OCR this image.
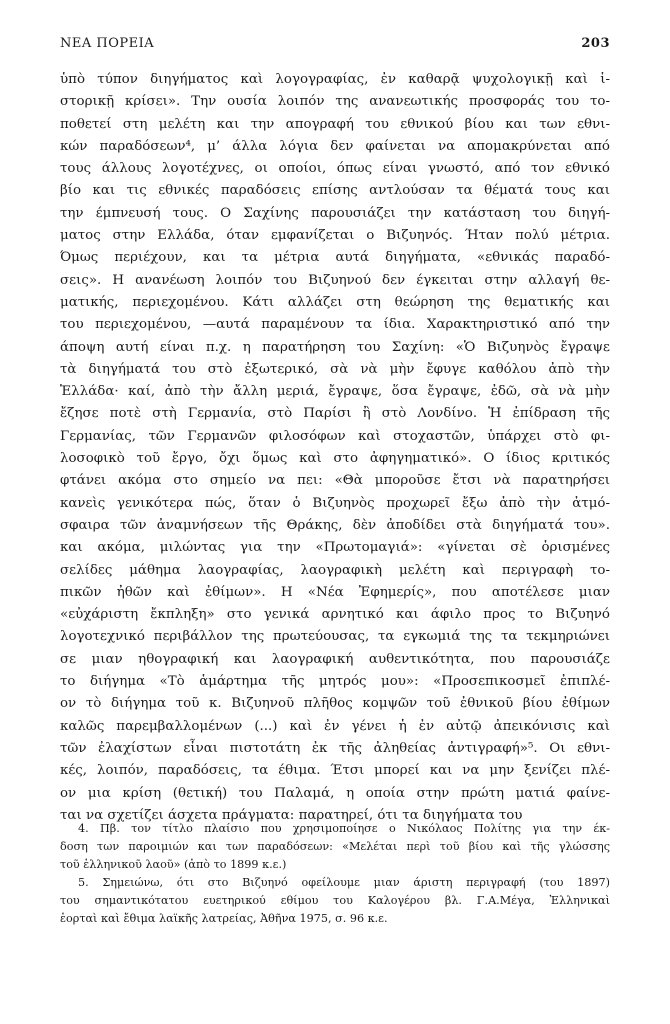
ΝΕΑ ΠΟΡΕΙΑ	203
ὑπὸ τύπον διηγήματος καὶ λογογραφίας, ἐν καθαρᾷ ψυχολογικῇ καὶ ἱ-
στορικῇ κρίσει». Την ουσία λοιπόν της ανανεωτικής προσφοράς του το-
ποθετεί στη μελέτη και την απογραφή του εθνικού βίου και των εθνι-
κών παραδόσεων⁴, μ’ άλλα λόγια δεν φαίνεται να απομακρύνεται από
τους άλλους λογοτέχνες, οι οποίοι, όπως είναι γνωστό, από τον εθνικό
βίο και τις εθνικές παραδόσεις επίσης αντλούσαν τα θέματά τους και
την έμπνευσή τους. Ο Σαχίνης παρουσιάζει την κατάσταση του διηγή-
ματος στην Ελλάδα, όταν εμφανίζεται ο Βιζυηνός. Ήταν πολύ μέτρια.
Όμως περιέχουν, και τα μέτρια αυτά διηγήματα, «εθνικάς παραδό-
σεις». Η ανανέωση λοιπόν του Βιζυηνού δεν έγκειται στην αλλαγή θε-
ματικής, περιεχομένου. Κάτι αλλάζει στη θεώρηση της θεματικής και
του περιεχομένου, —αυτά παραμένουν τα ίδια. Χαρακτηριστικό από την
άποψη αυτή είναι π.χ. η παρατήρηση του Σαχίνη: «Ὁ Βιζυηνὸς ἔγραψε
τὰ διηγήματά του στὸ ἐξωτερικό, σὰ νὰ μὴν ἔφυγε καθόλου ἀπὸ τὴν
Ἑλλάδα· καί, ἀπὸ τὴν ἄλλη μεριά, ἔγραψε, ὅσα ἔγραψε, ἐδῶ, σὰ νὰ μὴν
ἔζησε ποτὲ στὴ Γερμανία, στὸ Παρίσι ἢ στὸ Λονδίνο. Ἡ ἐπίδραση τῆς
Γερμανίας, τῶν Γερμανῶν φιλοσόφων καὶ στοχαστῶν, ὑπάρχει στὸ φι-
λοσοφικὸ τοῦ ἔργο, ὄχι ὅμως καὶ στο ἀφηγηματικό». Ο ίδιος κριτικός
φτάνει ακόμα στο σημείο να πει: «Θὰ μποροῦσε ἔτσι νὰ παρατηρήσει
κανεὶς γενικότερα πώς, ὅταν ὁ Βιζυηνὸς προχωρεῖ ἔξω ἀπὸ τὴν ἀτμό-
σφαιρα τῶν ἀναμνήσεων τῆς Θράκης, δὲν ἀποδίδει στὰ διηγήματά του».
και ακόμα, μιλώντας για την «Πρωτομαγιά»: «γίνεται σὲ ὁρισμένες
σελίδες μάθημα λαογραφίας, λαογραφικὴ μελέτη καὶ περιγραφὴ το-
πικῶν ἠθῶν καὶ ἐθίμων». Η «Νέα Ἐφημερίς», που αποτέλεσε μιαν
«εὐχάριστη ἔκπληξη» στο γενικά αρνητικό και άφιλο προς το Βιζυηνό
λογοτεχνικό περιβάλλον της πρωτεύουσας, τα εγκωμιά της τα τεκμηριώνει
σε μιαν ηθογραφική και λαογραφική αυθεντικότητα, που παρουσιάζε
το διήγημα «Τὸ ἁμάρτημα τῆς μητρός μου»: «Προσεπικοσμεῖ ἐπιπλέ-
ον τὸ διήγημα τοῦ κ. Βιζυηνοῦ πλῆθος κομψῶν τοῦ ἐθνικοῦ βίου ἐθίμων
καλῶς παρεμβαλλομένων (...) καὶ ἐν γένει ἡ ἐν αὐτῷ ἀπεικόνισις καὶ
τῶν ἐλαχίστων εἶναι πιστοτάτη ἐκ τῆς ἀληθείας ἀντιγραφή»⁵. Οι εθνι-
κές, λοιπόν, παραδόσεις, τα έθιμα. Έτσι μπορεί και να μην ξενίζει πλέ-
ον μια κρίση (θετική) του Παλαμά, η οποία στην πρώτη ματιά φαίνε-
ται να σχετίζει άσχετα πράγματα: παρατηρεί, ότι τα διηγήματα του
4. Πβ. τον τίτλο πλαίσιο που χρησιμοποίησε ο Νικόλαος Πολίτης για την έκ-
δοση των παροιμιών και των παραδόσεων: «Μελέται περὶ τοῦ βίου καὶ τῆς γλώσσης
τοῦ ἑλληνικοῦ λαοῦ» (ἀπὸ το 1899 κ.ε.)
5. Σημειώνω, ότι στο Βιζυηνό οφείλουμε μιαν άριστη περιγραφή (του 1897)
του σημαντικότατου ευετηρικού εθίμου του Καλογέρου βλ. Γ.Α.Μέγα, Ἑλληνικαὶ
ἑορταὶ καὶ ἔθιμα λαϊκῆς λατρείας, Ἀθῆνα 1975, σ. 96 κ.ε.
